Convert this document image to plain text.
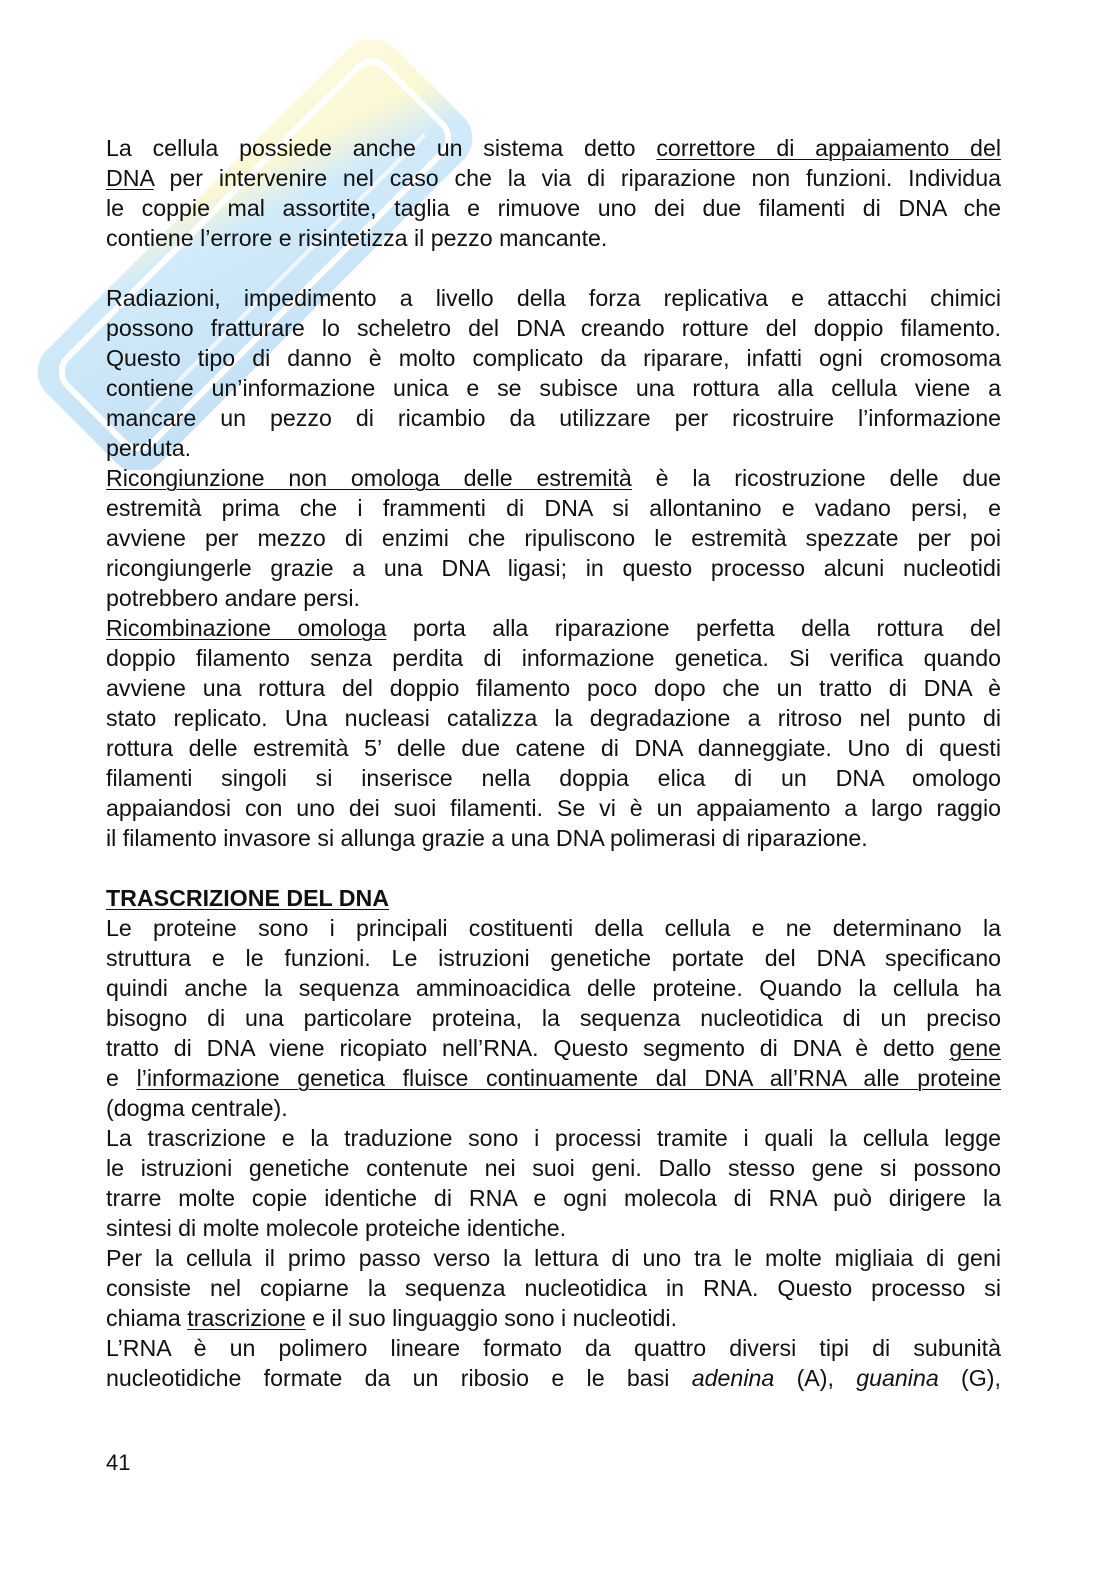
La cellula possiede anche un sistema detto correttore di appaiamento del
DNA per intervenire nel caso che la via di riparazione non funzioni. Individua
le coppie mal assortite, taglia e rimuove uno dei due filamenti di DNA che
contiene l’errore e risintetizza il pezzo mancante.
Radiazioni, impedimento a livello della forza replicativa e attacchi chimici
possono fratturare lo scheletro del DNA creando rotture del doppio filamento.
Questo tipo di danno è molto complicato da riparare, infatti ogni cromosoma
contiene un’informazione unica e se subisce una rottura alla cellula viene a
mancare un pezzo di ricambio da utilizzare per ricostruire l’informazione
perduta.
Ricongiunzione non omologa delle estremità è la ricostruzione delle due
estremità prima che i frammenti di DNA si allontanino e vadano persi, e
avviene per mezzo di enzimi che ripuliscono le estremità spezzate per poi
ricongiungerle grazie a una DNA ligasi; in questo processo alcuni nucleotidi
potrebbero andare persi.
Ricombinazione omologa porta alla riparazione perfetta della rottura del
doppio filamento senza perdita di informazione genetica. Si verifica quando
avviene una rottura del doppio filamento poco dopo che un tratto di DNA è
stato replicato. Una nucleasi catalizza la degradazione a ritroso nel punto di
rottura delle estremità 5’ delle due catene di DNA danneggiate. Uno di questi
filamenti singoli si inserisce nella doppia elica di un DNA omologo
appaiandosi con uno dei suoi filamenti. Se vi è un appaiamento a largo raggio
il filamento invasore si allunga grazie a una DNA polimerasi di riparazione.
TRASCRIZIONE DEL DNA
Le proteine sono i principali costituenti della cellula e ne determinano la
struttura e le funzioni. Le istruzioni genetiche portate del DNA specificano
quindi anche la sequenza amminoacidica delle proteine. Quando la cellula ha
bisogno di una particolare proteina, la sequenza nucleotidica di un preciso
tratto di DNA viene ricopiato nell’RNA. Questo segmento di DNA è detto gene
e l’informazione genetica fluisce continuamente dal DNA all’RNA alle proteine
(dogma centrale).
La trascrizione e la traduzione sono i processi tramite i quali la cellula legge
le istruzioni genetiche contenute nei suoi geni. Dallo stesso gene si possono
trarre molte copie identiche di RNA e ogni molecola di RNA può dirigere la
sintesi di molte molecole proteiche identiche.
Per la cellula il primo passo verso la lettura di uno tra le molte migliaia di geni
consiste nel copiarne la sequenza nucleotidica in RNA. Questo processo si
chiama trascrizione e il suo linguaggio sono i nucleotidi.
L’RNA è un polimero lineare formato da quattro diversi tipi di subunità
nucleotidiche formate da un ribosio e le basi adenina (A), guanina (G),
41
